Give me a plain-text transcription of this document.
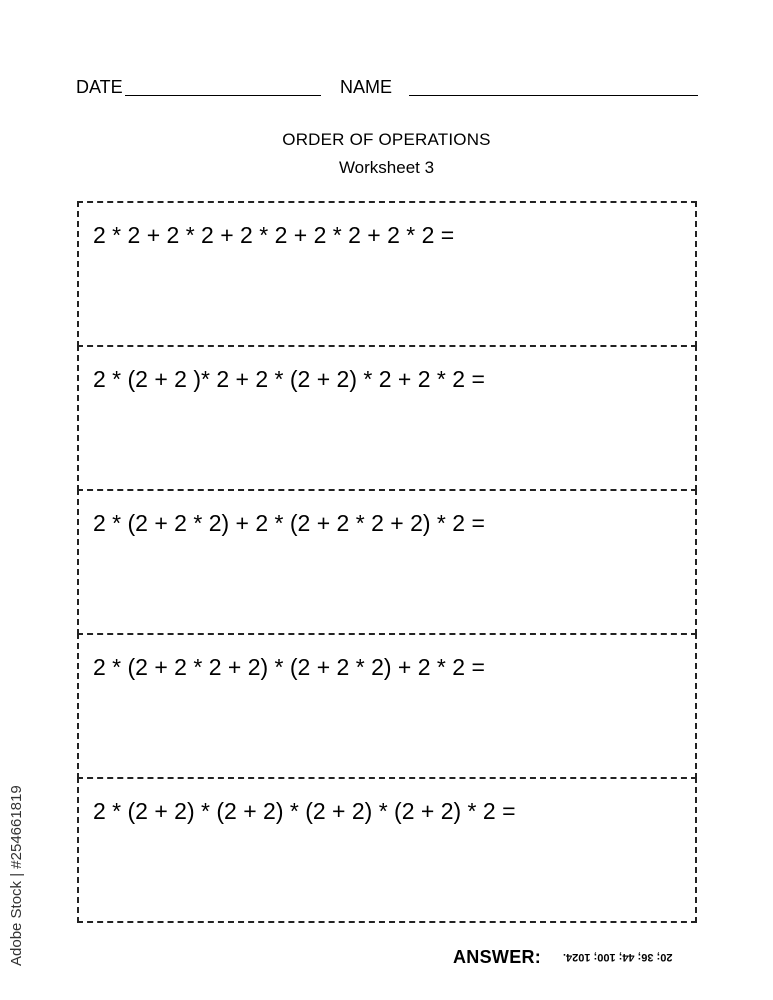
DATE	NAME
ORDER OF OPERATIONS
Worksheet 3
2 * 2 + 2 * 2 + 2 * 2 + 2 * 2 + 2 * 2 =
2 * (2 + 2 )* 2 + 2 * (2 + 2) * 2 + 2 * 2 =
2 * (2 + 2 * 2) + 2 * (2 + 2 * 2 + 2) * 2 =
2 * (2 + 2 * 2 + 2) * (2 + 2 * 2) + 2 * 2 =
2 * (2 + 2) * (2 + 2) * (2 + 2) * (2 + 2) * 2 =
Adobe Stock | #254661819	ANSWER: 20; 36; 44; 100; 1024.
